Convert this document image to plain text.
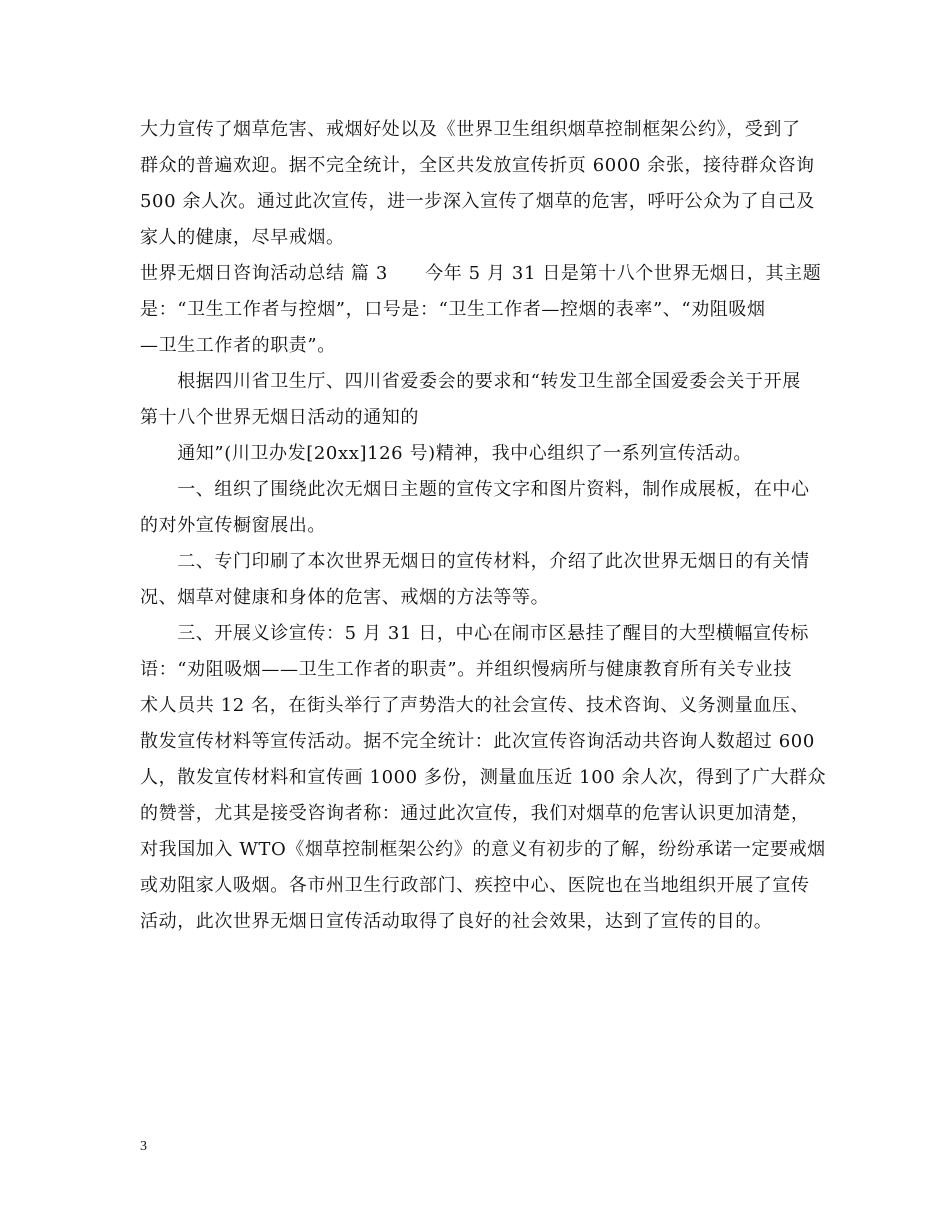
大力宣传了烟草危害、戒烟好处以及《世界卫生组织烟草控制框架公约》，受到了
群众的普遍欢迎。据不完全统计，全区共发放宣传折页 6000 余张，接待群众咨询
500 余人次。通过此次宣传，进一步深入宣传了烟草的危害，呼吁公众为了自己及
家人的健康，尽早戒烟。
世界无烟日咨询活动总结 篇 3　　今年 5 月 31 日是第十八个世界无烟日，其主题
是：“卫生工作者与控烟”，口号是：“卫生工作者—控烟的表率”、“劝阻吸烟
—卫生工作者的职责”。
　　根据四川省卫生厅、四川省爱委会的要求和“转发卫生部全国爱委会关于开展
第十八个世界无烟日活动的通知的
　　通知”(川卫办发[20xx]126 号)精神，我中心组织了一系列宣传活动。
　　一、组织了围绕此次无烟日主题的宣传文字和图片资料，制作成展板，在中心
的对外宣传橱窗展出。
　　二、专门印刷了本次世界无烟日的宣传材料，介绍了此次世界无烟日的有关情
况、烟草对健康和身体的危害、戒烟的方法等等。
　　三、开展义诊宣传：5 月 31 日，中心在闹市区悬挂了醒目的大型横幅宣传标
语：“劝阻吸烟——卫生工作者的职责”。并组织慢病所与健康教育所有关专业技
术人员共 12 名，在街头举行了声势浩大的社会宣传、技术咨询、义务测量血压、
散发宣传材料等宣传活动。据不完全统计：此次宣传咨询活动共咨询人数超过 600
人，散发宣传材料和宣传画 1000 多份，测量血压近 100 余人次，得到了广大群众
的赞誉，尤其是接受咨询者称：通过此次宣传，我们对烟草的危害认识更加清楚，
对我国加入 WTO《烟草控制框架公约》的意义有初步的了解，纷纷承诺一定要戒烟
或劝阻家人吸烟。各市州卫生行政部门、疾控中心、医院也在当地组织开展了宣传
活动，此次世界无烟日宣传活动取得了良好的社会效果，达到了宣传的目的。
3
